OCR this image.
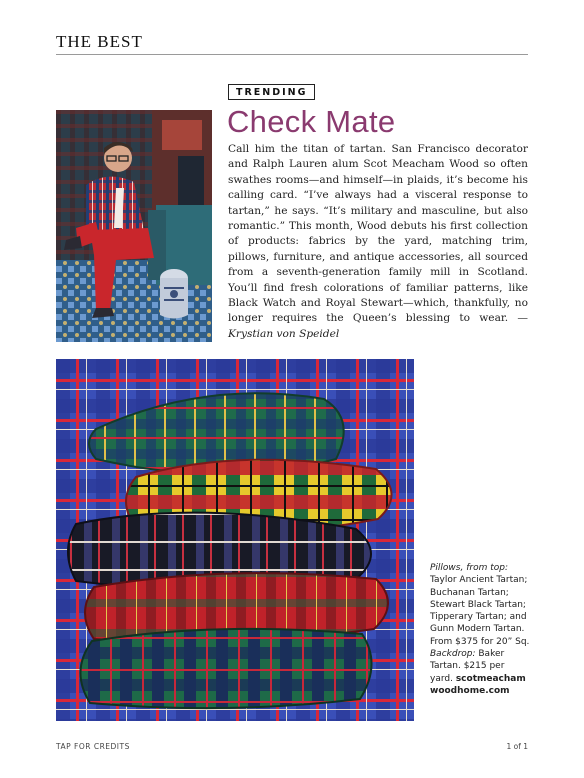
THE BEST
TRENDING
Check Mate
Call him the titan of tartan. San Francisco decorator and Ralph Lauren alum Scot Meacham Wood so often swathes rooms—and himself—in plaids, it’s become his calling card. “I’ve always had a visceral response to tartan,” he says. “It’s military and masculine, but also romantic.” This month, Wood debuts his first collection of products: fabrics by the yard, matching trim, pillows, furniture, and antique accessories, all sourced from a seventh-generation family mill in Scotland. You’ll find fresh colorations of familiar patterns, like Black Watch and Royal Stewart—which, thankfully, no longer requires the Queen’s blessing to wear. —Krystian von Speidel
Pillows, from top: Taylor Ancient Tartan; Buchanan Tartan; Stewart Black Tartan; Tipperary Tartan; and Gunn Modern Tartan. From $375 for 20” Sq. Backdrop: Baker Tartan. $215 per yard. scotmeachamwoodhome.com
TAP FOR CREDITS	1 of 1
